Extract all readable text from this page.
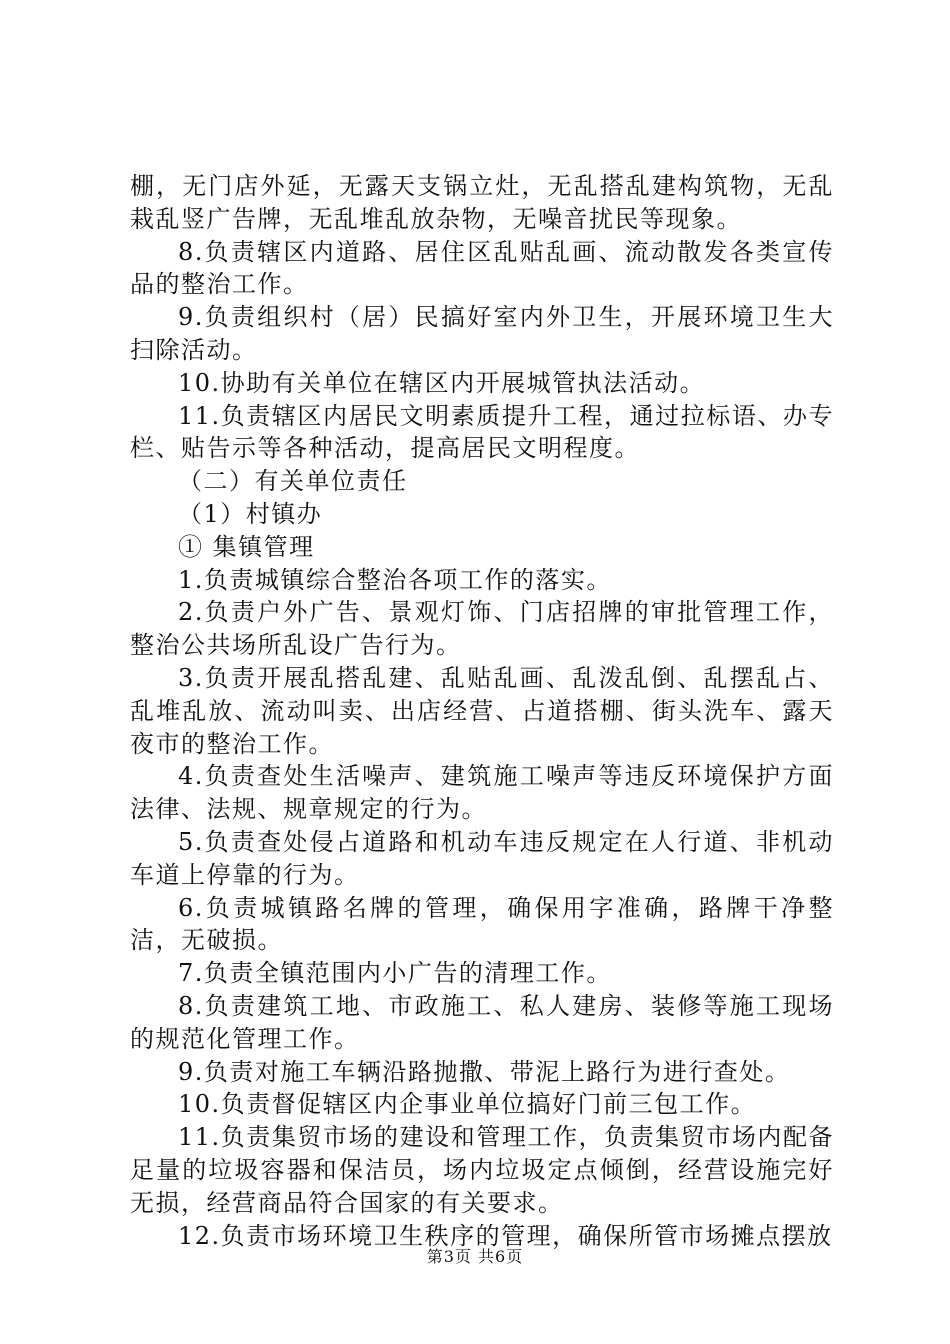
棚，无门店外延，无露天支锅立灶，无乱搭乱建构筑物，无乱栽乱竖广告牌，无乱堆乱放杂物，无噪音扰民等现象。

8.负责辖区内道路、居住区乱贴乱画、流动散发各类宣传品的整治工作。

9.负责组织村（居）民搞好室内外卫生，开展环境卫生大扫除活动。

10.协助有关单位在辖区内开展城管执法活动。

11.负责辖区内居民文明素质提升工程，通过拉标语、办专栏、贴告示等各种活动，提高居民文明程度。

（二）有关单位责任

（1）村镇办

① 集镇管理

1.负责城镇综合整治各项工作的落实。

2.负责户外广告、景观灯饰、门店招牌的审批管理工作，整治公共场所乱设广告行为。

3.负责开展乱搭乱建、乱贴乱画、乱泼乱倒、乱摆乱占、乱堆乱放、流动叫卖、出店经营、占道搭棚、街头洗车、露天夜市的整治工作。

4.负责查处生活噪声、建筑施工噪声等违反环境保护方面法律、法规、规章规定的行为。

5.负责查处侵占道路和机动车违反规定在人行道、非机动车道上停靠的行为。

6.负责城镇路名牌的管理，确保用字准确，路牌干净整洁，无破损。

7.负责全镇范围内小广告的清理工作。

8.负责建筑工地、市政施工、私人建房、装修等施工现场的规范化管理工作。

9.负责对施工车辆沿路抛撒、带泥上路行为进行查处。

10.负责督促辖区内企事业单位搞好门前三包工作。

11.负责集贸市场的建设和管理工作，负责集贸市场内配备足量的垃圾容器和保洁员，场内垃圾定点倾倒，经营设施完好无损，经营商品符合国家的有关要求。

12.负责市场环境卫生秩序的管理，确保所管市场摊点摆放

第3页 共6页
